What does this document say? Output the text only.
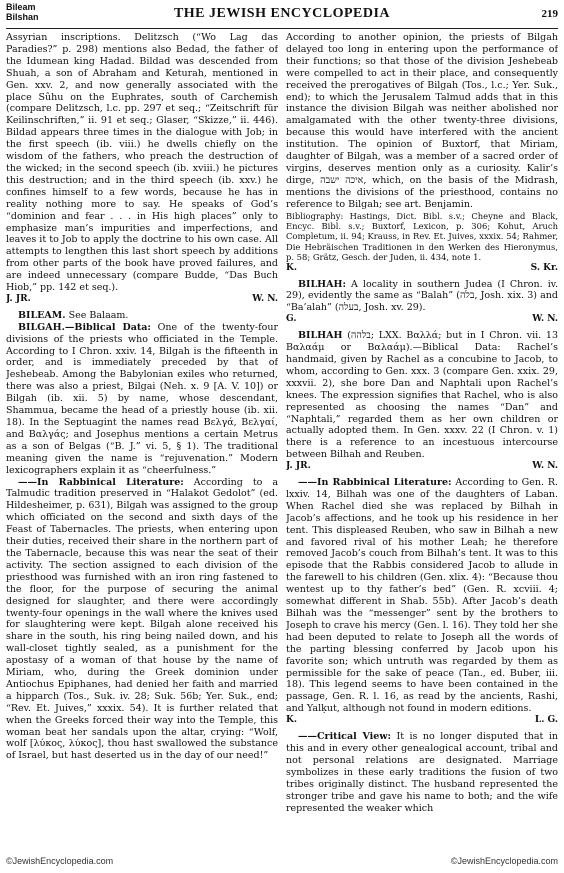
Bileam
Bilshan	THE JEWISH ENCYCLOPEDIA	219

Assyrian inscriptions. Delitzsch (“Wo Lag das Paradies?” p. 298) mentions also Bedad, the father of the Idumean king Hadad. Bildad was descended from Shuah, a son of Abraham and Keturah, mentioned in Gen. xxv. 2, and now generally associated with the place Sûhu on the Euphrates, south of Carchemish (compare Delitzsch, l.c. pp. 297 et seq.; “Zeitschrift für Keilinschriften,” ii. 91 et seq.; Glaser, “Skizze,” ii. 446). Bildad appears three times in the dialogue with Job; in the first speech (ib. viii.) he dwells chiefly on the wisdom of the fathers, who preach the destruction of the wicked; in the second speech (ib. xviii.) he pictures this destruction; and in the third speech (ib. xxv.) he confines himself to a few words, because he has in reality nothing more to say. He speaks of God’s “dominion and fear . . . in His high places” only to emphasize man’s impurities and imperfections, and leaves it to Job to apply the doctrine to his own case. All attempts to lengthen this last short speech by additions from other parts of the book have proved failures, and are indeed unnecessary (compare Budde, “Das Buch Hiob,” pp. 142 et seq.).

J. JR.	W. N.

BILEAM. See Balaam.

BILGAH.—Biblical Data: One of the twenty-four divisions of the priests who officiated in the Temple. According to I Chron. xxiv. 14, Bilgah is the fifteenth in order, and is immediately preceded by that of Jeshebeab. Among the Babylonian exiles who returned, there was also a priest, Bilgai (Neh. x. 9 [A. V. 10]) or Bilgah (ib. xii. 5) by name, whose descendant, Shammua, became the head of a priestly house (ib. xii. 18). In the Septuagint the names read Βελγά, Βελγαί, and Βαλγάς; and Josephus mentions a certain Metrus as a son of Belgas (“B. J.” vi. 5, § 1). The traditional meaning given the name is “rejuvenation.” Modern lexicographers explain it as “cheerfulness.”

——In Rabbinical Literature: According to a Talmudic tradition preserved in “Halakot Gedolot” (ed. Hildesheimer, p. 631), Bilgah was assigned to the group which officiated on the second and sixth days of the Feast of Tabernacles. The priests, when entering upon their duties, received their share in the northern part of the Tabernacle, because this was near the seat of their activity. The section assigned to each division of the priesthood was furnished with an iron ring fastened to the floor, for the purpose of securing the animal designed for slaughter, and there were accordingly twenty-four openings in the wall where the knives used for slaughtering were kept. Bilgah alone received his share in the south, his ring being nailed down, and his wall-closet tightly sealed, as a punishment for the apostasy of a woman of that house by the name of Miriam, who, during the Greek dominion under Antiochus Epiphanes, had denied her faith and married a hipparch (Tos., Suk. iv. 28; Suk. 56b; Yer. Suk., end; “Rev. Et. Juives,” xxxix. 54). It is further related that when the Greeks forced their way into the Temple, this woman beat her sandals upon the altar, crying: “Wolf, wolf [λύκος, λύκος], thou hast swallowed the substance of Israel, but hast deserted us in the day of our need!”

According to another opinion, the priests of Bilgah delayed too long in entering upon the performance of their functions; so that those of the division Jeshebeab were compelled to act in their place, and consequently received the prerogatives of Bilgah (Tos., l.c.; Yer. Suk., end); to which the Jerusalem Talmud adds that in this instance the division Bilgah was neither abolished nor amalgamated with the other twenty-three divisions, because this would have interfered with the ancient institution. The opinion of Buxtorf, that Miriam, daughter of Bilgah, was a member of a sacred order of virgins, deserves mention only as a curiosity. Kalir’s dirge, איכה ישבה, which, on the basis of the Midrash, mentions the divisions of the priesthood, contains no reference to Bilgah; see art. Benjamin.

Bibliography: Hastings, Dict. Bibl. s.v.; Cheyne and Black, Encyc. Bibl. s.v.; Buxtorf, Lexicon, p. 306; Kohut, Aruch Completum, ii. 94; Krauss, in Rev. Et. Juives, xxxix. 54; Rahmer, Die Hebräischen Traditionen in den Werken des Hieronymus, p. 58; Grätz, Gesch. der Juden, ii. 434, note 1.

K.	S. Kr.

BILHAH: A locality in southern Judea (I Chron. iv. 29), evidently the same as “Balah” (בלה, Josh. xix. 3) and “Ba’alah” (בעלה, Josh. xv. 29).

G.	W. N.

BILHAH (בלהה; LXX. Βαλλά; but in I Chron. vii. 13 Βαλαάμ or Βαλαάμ).—Biblical Data: Rachel’s handmaid, given by Rachel as a concubine to Jacob, to whom, according to Gen. xxx. 3 (compare Gen. xxix. 29, xxxvii. 2), she bore Dan and Naphtali upon Rachel’s knees. The expression signifies that Rachel, who is also represented as choosing the names “Dan” and “Naphtali,” regarded them as her own children or actually adopted them. In Gen. xxxv. 22 (I Chron. v. 1) there is a reference to an incestuous intercourse between Bilhah and Reuben.

J. JR.	W. N.

——In Rabbinical Literature: According to Gen. R. lxxiv. 14, Bilhah was one of the daughters of Laban. When Rachel died she was replaced by Bilhah in Jacob’s affections, and he took up his residence in her tent. This displeased Reuben, who saw in Bilhah a new and favored rival of his mother Leah; he therefore removed Jacob’s couch from Bilhah’s tent. It was to this episode that the Rabbis considered Jacob to allude in the farewell to his children (Gen. xlix. 4): “Because thou wentest up to thy father’s bed” (Gen. R. xcviii. 4; somewhat different in Shab. 55b). After Jacob’s death Bilhah was the “messenger” sent by the brothers to Joseph to crave his mercy (Gen. l. 16). They told her she had been deputed to relate to Joseph all the words of the parting blessing conferred by Jacob upon his favorite son; which untruth was regarded by them as permissible for the sake of peace (Tan., ed. Buber, iii. 18). This legend seems to have been contained in the passage, Gen. R. l. 16, as read by the ancients, Rashi, and Yalḳut, although not found in modern editions.

K.	L. G.

——Critical View: It is no longer disputed that in this and in every other genealogical account, tribal and not personal relations are designated. Marriage symbolizes in these early traditions the fusion of two tribes originally distinct. The husband represented the stronger tribe and gave his name to both; and the wife represented the weaker which

©JewishEncyclopedia.com	©JewishEncyclopedia.com
